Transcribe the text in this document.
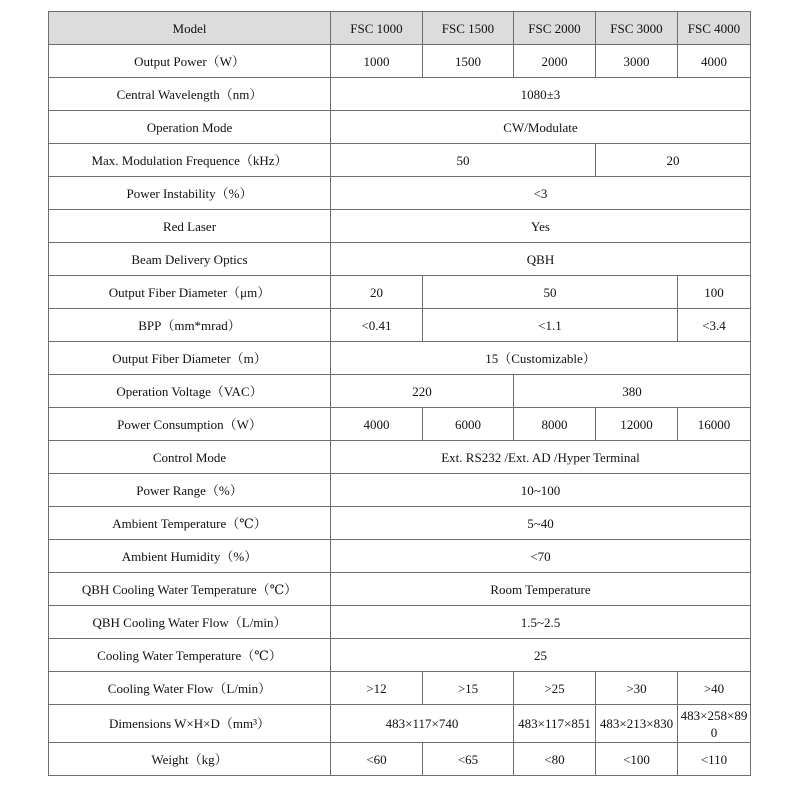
Model	FSC 1000	FSC 1500	FSC 2000	FSC 3000	FSC 4000
Output Power（W）	1000	1500	2000	3000	4000
Central Wavelength（nm）	1080±3				
Operation Mode	CW/Modulate				
Max. Modulation Frequence（kHz）	50			20	
Power Instability（%）	<3				
Red Laser	Yes				
Beam Delivery Optics	QBH				
Output Fiber Diameter（μm）	20	50			100
BPP（mm*mrad）	<0.41	<1.1			<3.4
Output Fiber Diameter（m）	15（Customizable）				
Operation Voltage（VAC）	220		380		
Power Consumption（W）	4000	6000	8000	12000	16000
Control Mode	Ext. RS232 /Ext. AD /Hyper Terminal				
Power Range（%）	10~100				
Ambient Temperature（℃）	5~40				
Ambient Humidity（%）	<70				
QBH Cooling Water Temperature（℃）	Room Temperature				
QBH Cooling Water Flow（L/min）	1.5~2.5				
Cooling Water Temperature（℃）	25				
Cooling Water Flow（L/min）	>12	>15	>25	>30	>40
Dimensions W×H×D（mm³）	483×117×740		483×117×851	483×213×830	483×258×890
Weight（kg）	<60	<65	<80	<100	<110
